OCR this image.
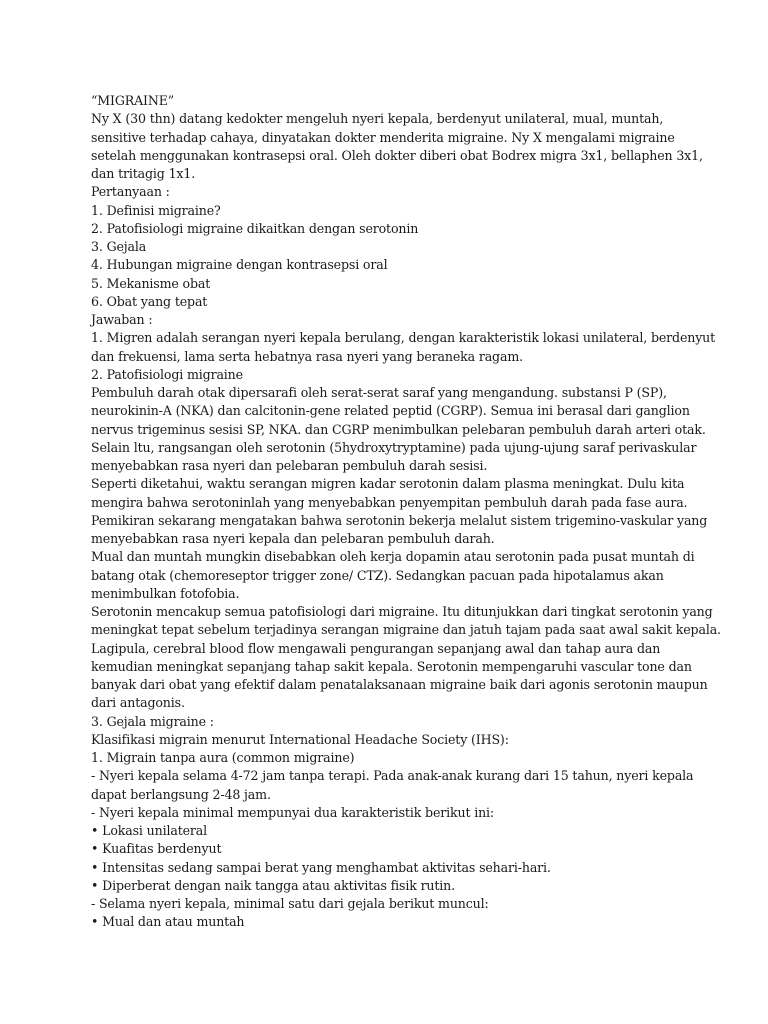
“MIGRAINE”
Ny X (30 thn) datang kedokter mengeluh nyeri kepala, berdenyut unilateral, mual, muntah,
sensitive terhadap cahaya, dinyatakan dokter menderita migraine. Ny X mengalami migraine
setelah menggunakan kontrasepsi oral. Oleh dokter diberi obat Bodrex migra 3x1, bellaphen 3x1,
dan tritagig 1x1.
Pertanyaan :
1. Definisi migraine?
2. Patofisiologi migraine dikaitkan dengan serotonin
3. Gejala
4. Hubungan migraine dengan kontrasepsi oral
5. Mekanisme obat
6. Obat yang tepat
Jawaban :
1. Migren adalah serangan nyeri kepala berulang, dengan karakteristik lokasi unilateral, berdenyut
dan frekuensi, lama serta hebatnya rasa nyeri yang beraneka ragam.
2. Patofisiologi migraine
Pembuluh darah otak dipersarafi oleh serat-serat saraf yang mengandung. substansi P (SP),
neurokinin-A (NKA) dan calcitonin-gene related peptid (CGRP). Semua ini berasal dari ganglion
nervus trigeminus sesisi SP, NKA. dan CGRP menimbulkan pelebaran pembuluh darah arteri otak.
Selain ltu, rangsangan oleh serotonin (5hydroxytryptamine) pada ujung-ujung saraf perivaskular
menyebabkan rasa nyeri dan pelebaran pembuluh darah sesisi.
Seperti diketahui, waktu serangan migren kadar serotonin dalam plasma meningkat. Dulu kita
mengira bahwa serotoninlah yang menyebabkan penyempitan pembuluh darah pada fase aura.
Pemikiran sekarang mengatakan bahwa serotonin bekerja melalut sistem trigemino-vaskular yang
menyebabkan rasa nyeri kepala dan pelebaran pembuluh darah.
Mual dan muntah mungkin disebabkan oleh kerja dopamin atau serotonin pada pusat muntah di
batang otak (chemoreseptor trigger zone/ CTZ). Sedangkan pacuan pada hipotalamus akan
menimbulkan fotofobia.
Serotonin mencakup semua patofisiologi dari migraine. Itu ditunjukkan dari tingkat serotonin yang
meningkat tepat sebelum terjadinya serangan migraine dan jatuh tajam pada saat awal sakit kepala.
Lagipula, cerebral blood flow mengawali pengurangan sepanjang awal dan tahap aura dan
kemudian meningkat sepanjang tahap sakit kepala. Serotonin mempengaruhi vascular tone dan
banyak dari obat yang efektif dalam penatalaksanaan migraine baik dari agonis serotonin maupun
dari antagonis.
3. Gejala migraine :
Klasifikasi migrain menurut International Headache Society (IHS):
1. Migrain tanpa aura (common migraine)
- Nyeri kepala selama 4-72 jam tanpa terapi. Pada anak-anak kurang dari 15 tahun, nyeri kepala
dapat berlangsung 2-48 jam.
- Nyeri kepala minimal mempunyai dua karakteristik berikut ini:
• Lokasi unilateral
• Kuafitas berdenyut
• Intensitas sedang sampai berat yang menghambat aktivitas sehari-hari.
• Diperberat dengan naik tangga atau aktivitas fisik rutin.
- Selama nyeri kepala, minimal satu dari gejala berikut muncul:
• Mual dan atau muntah
